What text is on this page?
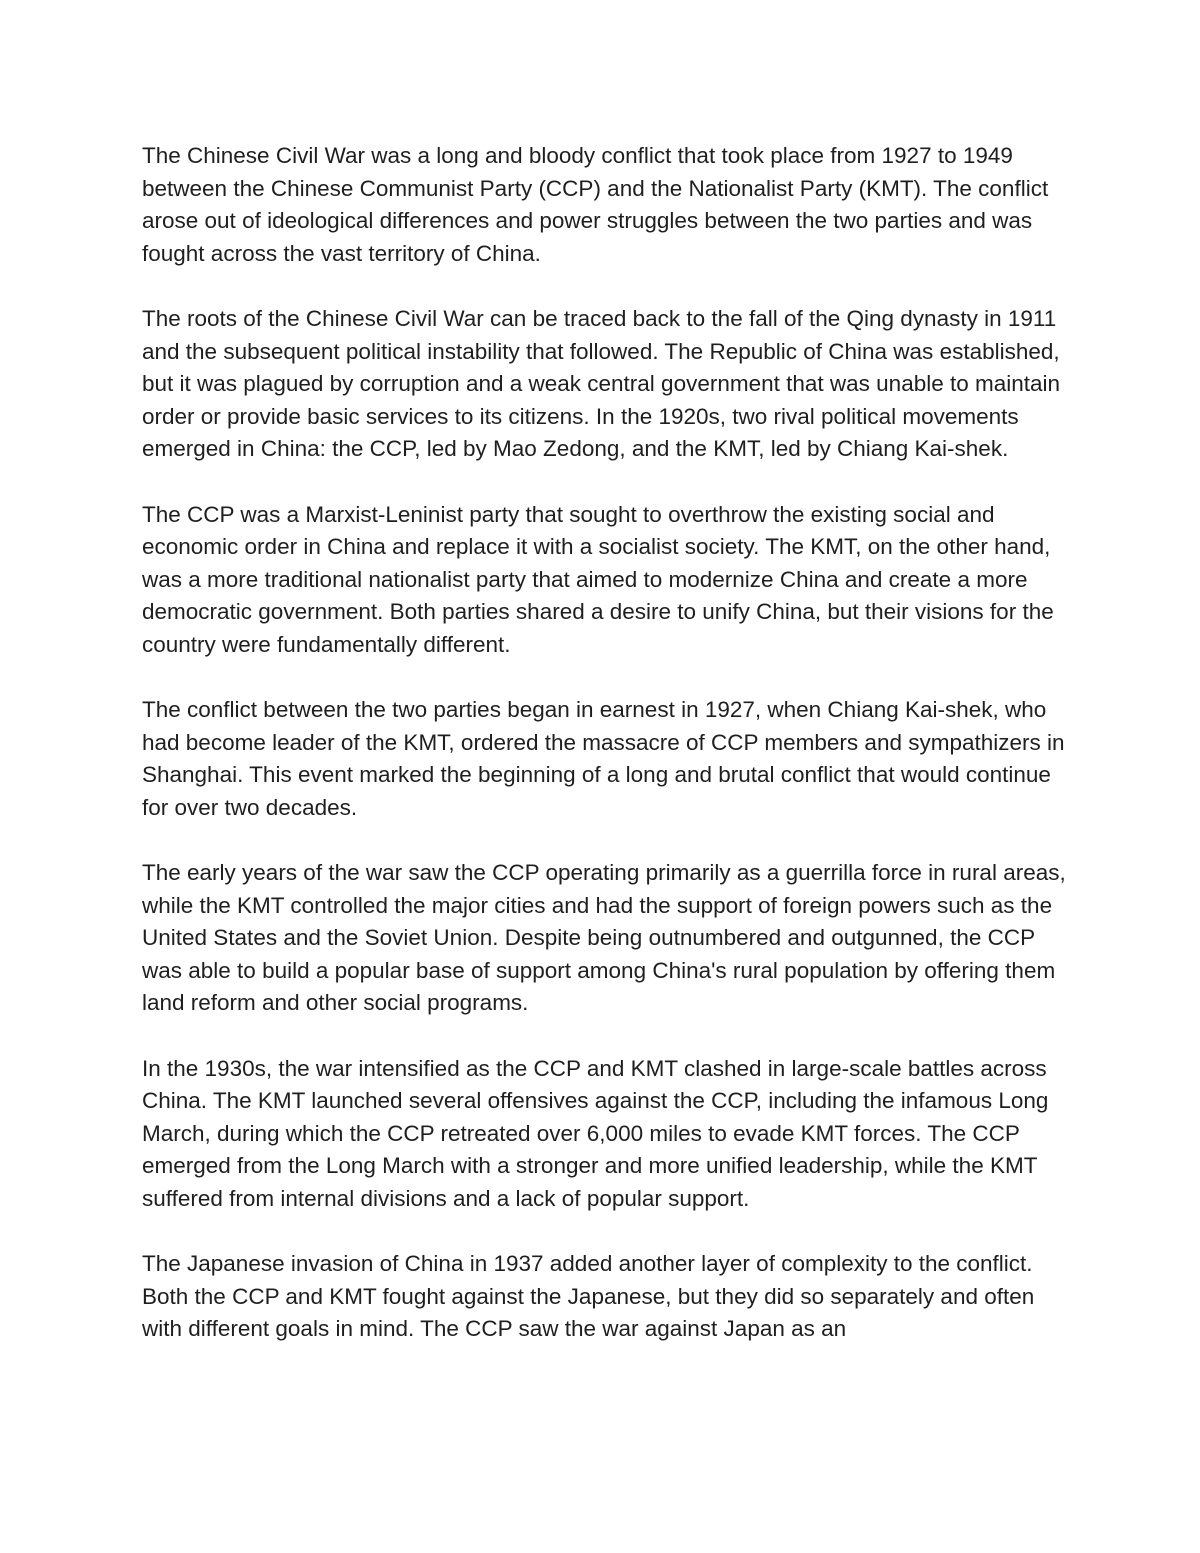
The Chinese Civil War was a long and bloody conflict that took place from 1927 to 1949 between the Chinese Communist Party (CCP) and the Nationalist Party (KMT). The conflict arose out of ideological differences and power struggles between the two parties and was fought across the vast territory of China.

The roots of the Chinese Civil War can be traced back to the fall of the Qing dynasty in 1911 and the subsequent political instability that followed. The Republic of China was established, but it was plagued by corruption and a weak central government that was unable to maintain order or provide basic services to its citizens. In the 1920s, two rival political movements emerged in China: the CCP, led by Mao Zedong, and the KMT, led by Chiang Kai-shek.

The CCP was a Marxist-Leninist party that sought to overthrow the existing social and economic order in China and replace it with a socialist society. The KMT, on the other hand, was a more traditional nationalist party that aimed to modernize China and create a more democratic government. Both parties shared a desire to unify China, but their visions for the country were fundamentally different.

The conflict between the two parties began in earnest in 1927, when Chiang Kai-shek, who had become leader of the KMT, ordered the massacre of CCP members and sympathizers in Shanghai. This event marked the beginning of a long and brutal conflict that would continue for over two decades.

The early years of the war saw the CCP operating primarily as a guerrilla force in rural areas, while the KMT controlled the major cities and had the support of foreign powers such as the United States and the Soviet Union. Despite being outnumbered and outgunned, the CCP was able to build a popular base of support among China's rural population by offering them land reform and other social programs.

In the 1930s, the war intensified as the CCP and KMT clashed in large-scale battles across China. The KMT launched several offensives against the CCP, including the infamous Long March, during which the CCP retreated over 6,000 miles to evade KMT forces. The CCP emerged from the Long March with a stronger and more unified leadership, while the KMT suffered from internal divisions and a lack of popular support.

The Japanese invasion of China in 1937 added another layer of complexity to the conflict. Both the CCP and KMT fought against the Japanese, but they did so separately and often with different goals in mind. The CCP saw the war against Japan as an
